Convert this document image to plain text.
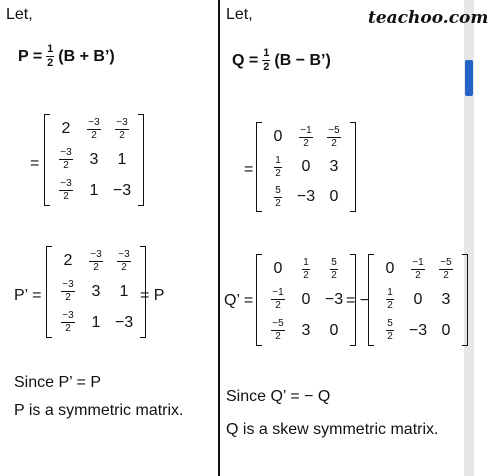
Let,
$P = \frac{1}{2} (B$ + B’)
=
2	$\frac{-3}{2} \frac{-3}{2}$
$\frac{-3}{2}$	3	1
$\frac{-3}{2}$	1 −3
P’ =
2	$\frac{-3}{2} \frac{-3}{2}$
$\frac{-3}{2}$	3	1
$\frac{-3}{2}$	1 −3
= P
Since P’ = P
P is a symmetric matrix.
Let,	teachoo.com
$Q = \frac{1}{2} (B$ − B’)
=
0	$\frac{-1}{2} \frac{-5}{2}$
$\frac{1}{2}$	0	3
$\frac{5}{2} -3$ 0
Q’ =
0	$\frac{1}{2} \frac{5}{2}$
$\frac{-1}{2}$	0 −3
$\frac{-5}{2}$	3	0
= −
0	$\frac{-1}{2} \frac{-5}{2}$
$\frac{1}{2}$	0	3
$\frac{5}{2} -3$ 0
Since Q’ = − Q
Q is a skew symmetric matrix.
